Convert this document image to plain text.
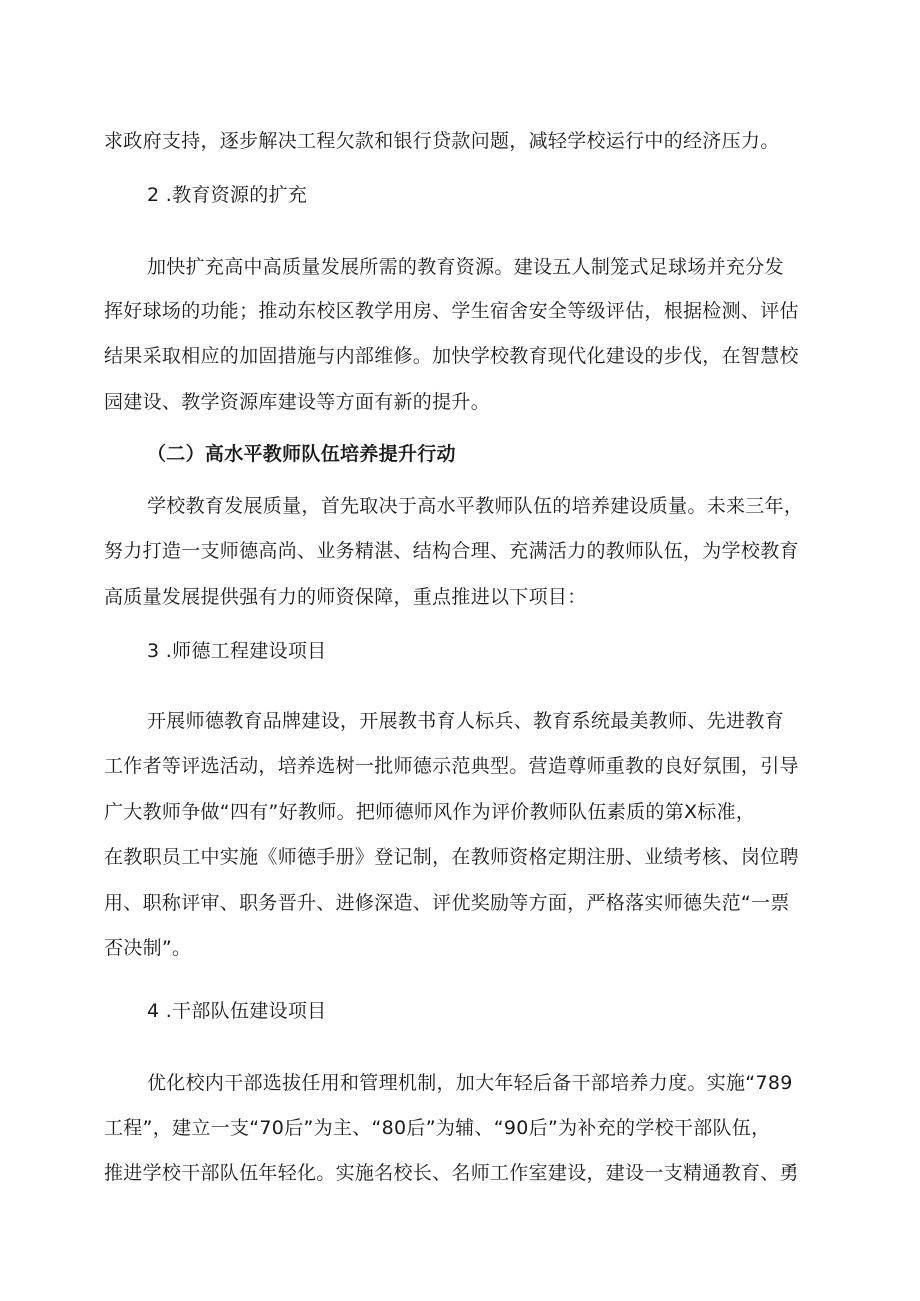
求政府支持，逐步解决工程欠款和银行贷款问题，减轻学校运行中的经济压力。
2 .教育资源的扩充
加快扩充高中高质量发展所需的教育资源。建设五人制笼式足球场并充分发
挥好球场的功能；推动东校区教学用房、学生宿舍安全等级评估，根据检测、评估
结果采取相应的加固措施与内部维修。加快学校教育现代化建设的步伐，在智慧校
园建设、教学资源库建设等方面有新的提升。
（二）高水平教师队伍培养提升行动
学校教育发展质量，首先取决于高水平教师队伍的培养建设质量。未来三年，
努力打造一支师德高尚、业务精湛、结构合理、充满活力的教师队伍，为学校教育
高质量发展提供强有力的师资保障，重点推进以下项目：
3 .师德工程建设项目
开展师德教育品牌建设，开展教书育人标兵、教育系统最美教师、先进教育
工作者等评选活动，培养选树一批师德示范典型。营造尊师重教的良好氛围，引导
广大教师争做“四有”好教师。把师德师风作为评价教师队伍素质的第X标准，
在教职员工中实施《师德手册》登记制，在教师资格定期注册、业绩考核、岗位聘
用、职称评审、职务晋升、进修深造、评优奖励等方面，严格落实师德失范“一票
否决制”。
4 .干部队伍建设项目
优化校内干部选拔任用和管理机制，加大年轻后备干部培养力度。实施“789
工程”，建立一支“70后”为主、“80后”为辅、“90后”为补充的学校干部队伍，
推进学校干部队伍年轻化。实施名校长、名师工作室建设，建设一支精通教育、勇
